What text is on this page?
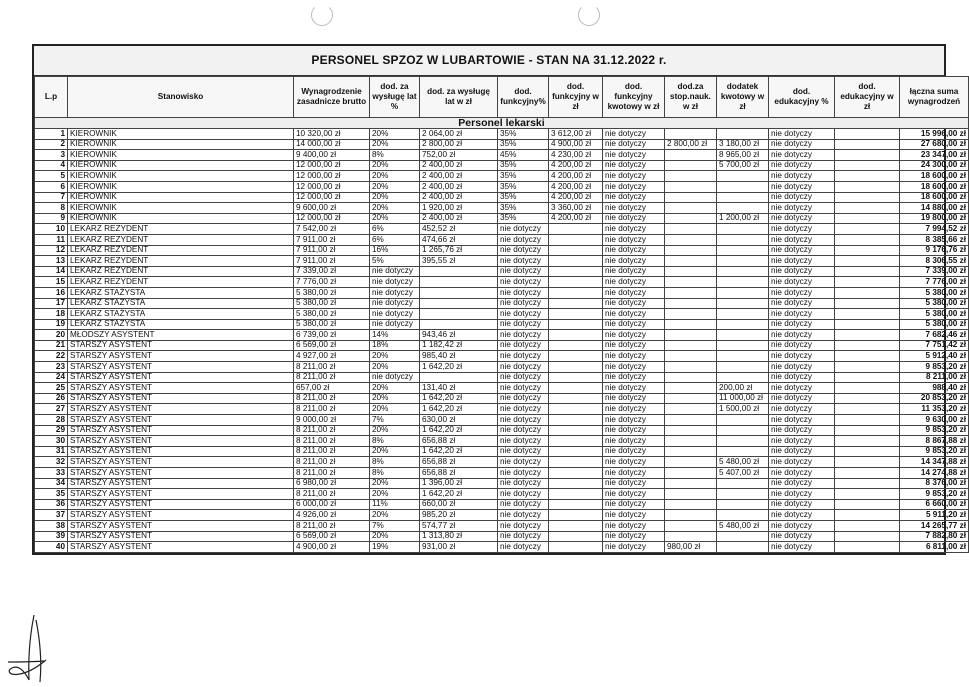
PERSONEL SPZOZ W LUBARTOWIE - STAN NA 31.12.2022 r.
L.p	Stanowisko	Wynagrodzenie zasadnicze brutto	dod. za wysługę lat %	dod. za wysługę lat w zł	dod. funkcyjny%	dod. funkcyjny w zł	dod. funkcyjny kwotowy w zł	dod.za stop.nauk. w zł	dodatek kwotowy w zł	dod. edukacyjny %	dod. edukacyjny w zł	łączna suma wynagrodzeń
Personel lekarski												
1	KIEROWNIK	10 320,00 zł	20%	2 064,00 zł	35%	3 612,00 zł	nie dotyczy			nie dotyczy		15 996,00 zł
2	KIEROWNIK	14 000,00 zł	20%	2 800,00 zł	35%	4 900,00 zł	nie dotyczy	2 800,00 zł	3 180,00 zł	nie dotyczy		27 680,00 zł
3	KIEROWNIK	9 400,00 zł	8%	752,00 zł	45%	4 230,00 zł	nie dotyczy		8 965,00 zł	nie dotyczy		23 347,00 zł
4	KIEROWNIK	12 000,00 zł	20%	2 400,00 zł	35%	4 200,00 zł	nie dotyczy		5 700,00 zł	nie dotyczy		24 300,00 zł
5	KIEROWNIK	12 000,00 zł	20%	2 400,00 zł	35%	4 200,00 zł	nie dotyczy			nie dotyczy		18 600,00 zł
6	KIEROWNIK	12 000,00 zł	20%	2 400,00 zł	35%	4 200,00 zł	nie dotyczy			nie dotyczy		18 600,00 zł
7	KIEROWNIK	12 000,00 zł	20%	2 400,00 zł	35%	4 200,00 zł	nie dotyczy			nie dotyczy		18 600,00 zł
8	KIEROWNIK	9 600,00 zł	20%	1 920,00 zł	35%	3 360,00 zł	nie dotyczy			nie dotyczy		14 880,00 zł
9	KIEROWNIK	12 000,00 zł	20%	2 400,00 zł	35%	4 200,00 zł	nie dotyczy		1 200,00 zł	nie dotyczy		19 800,00 zł
10	LEKARZ REZYDENT	7 542,00 zł	6%	452,52 zł	nie dotyczy		nie dotyczy			nie dotyczy		7 994,52 zł
11	LEKARZ REZYDENT	7 911,00 zł	6%	474,66 zł	nie dotyczy		nie dotyczy			nie dotyczy		8 385,66 zł
12	LEKARZ REZYDENT	7 911,00 zł	16%	1 265,76 zł	nie dotyczy		nie dotyczy			nie dotyczy		9 176,76 zł
13	LEKARZ REZYDENT	7 911,00 zł	5%	395,55 zł	nie dotyczy		nie dotyczy			nie dotyczy		8 306,55 zł
14	LEKARZ REZYDENT	7 339,00 zł	nie dotyczy		nie dotyczy		nie dotyczy			nie dotyczy		7 339,00 zł
15	LEKARZ REZYDENT	7 776,00 zł	nie dotyczy		nie dotyczy		nie dotyczy			nie dotyczy		7 776,00 zł
16	LEKARZ STAŻYSTA	5 380,00 zł	nie dotyczy		nie dotyczy		nie dotyczy			nie dotyczy		5 380,00 zł
17	LEKARZ STAŻYSTA	5 380,00 zł	nie dotyczy		nie dotyczy		nie dotyczy			nie dotyczy		5 380,00 zł
18	LEKARZ STAŻYSTA	5 380,00 zł	nie dotyczy		nie dotyczy		nie dotyczy			nie dotyczy		5 380,00 zł
19	LEKARZ STAŻYSTA	5 380,00 zł	nie dotyczy		nie dotyczy		nie dotyczy			nie dotyczy		5 380,00 zł
20	MŁODSZY ASYSTENT	6 739,00 zł	14%	943,46 zł	nie dotyczy		nie dotyczy			nie dotyczy		7 682,46 zł
21	STARSZY ASYSTENT	6 569,00 zł	18%	1 182,42 zł	nie dotyczy		nie dotyczy			nie dotyczy		7 751,42 zł
22	STARSZY ASYSTENT	4 927,00 zł	20%	985,40 zł	nie dotyczy		nie dotyczy			nie dotyczy		5 912,40 zł
23	STARSZY ASYSTENT	8 211,00 zł	20%	1 642,20 zł	nie dotyczy		nie dotyczy			nie dotyczy		9 853,20 zł
24	STARSZY ASYSTENT	8 211,00 zł	nie dotyczy		nie dotyczy		nie dotyczy			nie dotyczy		8 211,00 zł
25	STARSZY ASYSTENT	657,00 zł	20%	131,40 zł	nie dotyczy		nie dotyczy		200,00 zł	nie dotyczy		988,40 zł
26	STARSZY ASYSTENT	8 211,00 zł	20%	1 642,20 zł	nie dotyczy		nie dotyczy		11 000,00 zł	nie dotyczy		20 853,20 zł
27	STARSZY ASYSTENT	8 211,00 zł	20%	1 642,20 zł	nie dotyczy		nie dotyczy		1 500,00 zł	nie dotyczy		11 353,20 zł
28	STARSZY ASYSTENT	9 000,00 zł	7%	630,00 zł	nie dotyczy		nie dotyczy			nie dotyczy		9 630,00 zł
29	STARSZY ASYSTENT	8 211,00 zł	20%	1 642,20 zł	nie dotyczy		nie dotyczy			nie dotyczy		9 853,20 zł
30	STARSZY ASYSTENT	8 211,00 zł	8%	656,88 zł	nie dotyczy		nie dotyczy			nie dotyczy		8 867,88 zł
31	STARSZY ASYSTENT	8 211,00 zł	20%	1 642,20 zł	nie dotyczy		nie dotyczy			nie dotyczy		9 853,20 zł
32	STARSZY ASYSTENT	8 211,00 zł	8%	656,88 zł	nie dotyczy		nie dotyczy		5 480,00 zł	nie dotyczy		14 347,88 zł
33	STARSZY ASYSTENT	8 211,00 zł	8%	656,88 zł	nie dotyczy		nie dotyczy		5 407,00 zł	nie dotyczy		14 274,88 zł
34	STARSZY ASYSTENT	6 980,00 zł	20%	1 396,00 zł	nie dotyczy		nie dotyczy			nie dotyczy		8 376,00 zł
35	STARSZY ASYSTENT	8 211,00 zł	20%	1 642,20 zł	nie dotyczy		nie dotyczy			nie dotyczy		9 853,20 zł
36	STARSZY ASYSTENT	6 000,00 zł	11%	660,00 zł	nie dotyczy		nie dotyczy			nie dotyczy		6 660,00 zł
37	STARSZY ASYSTENT	4 926,00 zł	20%	985,20 zł	nie dotyczy		nie dotyczy			nie dotyczy		5 911,20 zł
38	STARSZY ASYSTENT	8 211,00 zł	7%	574,77 zł	nie dotyczy		nie dotyczy		5 480,00 zł	nie dotyczy		14 265,77 zł
39	STARSZY ASYSTENT	6 569,00 zł	20%	1 313,80 zł	nie dotyczy		nie dotyczy			nie dotyczy		7 882,80 zł
40	STARSZY ASYSTENT	4 900,00 zł	19%	931,00 zł	nie dotyczy		nie dotyczy	980,00 zł		nie dotyczy		6 811,00 zł
